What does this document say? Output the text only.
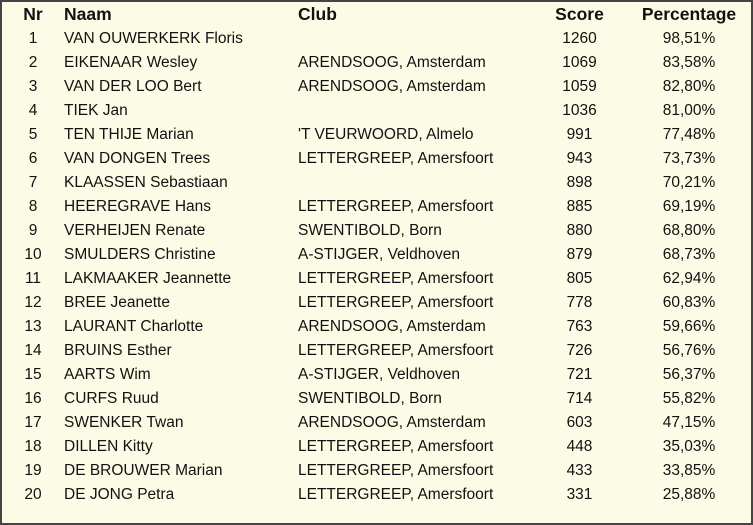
Nr	Naam	Club	Score	Percentage
1	VAN OUWERKERK Floris		1260	98,51%
2	EIKENAAR Wesley	ARENDSOOG, Amsterdam	1069	83,58%
3	VAN DER LOO Bert	ARENDSOOG, Amsterdam	1059	82,80%
4	TIEK Jan		1036	81,00%
5	TEN THIJE Marian	'T VEURWOORD, Almelo	991	77,48%
6	VAN DONGEN Trees	LETTERGREEP, Amersfoort	943	73,73%
7	KLAASSEN Sebastiaan		898	70,21%
8	HEEREGRAVE Hans	LETTERGREEP, Amersfoort	885	69,19%
9	VERHEIJEN Renate	SWENTIBOLD, Born	880	68,80%
10	SMULDERS Christine	A-STIJGER, Veldhoven	879	68,73%
11	LAKMAAKER Jeannette	LETTERGREEP, Amersfoort	805	62,94%
12	BREE Jeanette	LETTERGREEP, Amersfoort	778	60,83%
13	LAURANT Charlotte	ARENDSOOG, Amsterdam	763	59,66%
14	BRUINS Esther	LETTERGREEP, Amersfoort	726	56,76%
15	AARTS Wim	A-STIJGER, Veldhoven	721	56,37%
16	CURFS Ruud	SWENTIBOLD, Born	714	55,82%
17	SWENKER Twan	ARENDSOOG, Amsterdam	603	47,15%
18	DILLEN Kitty	LETTERGREEP, Amersfoort	448	35,03%
19	DE BROUWER Marian	LETTERGREEP, Amersfoort	433	33,85%
20	DE JONG Petra	LETTERGREEP, Amersfoort	331	25,88%
